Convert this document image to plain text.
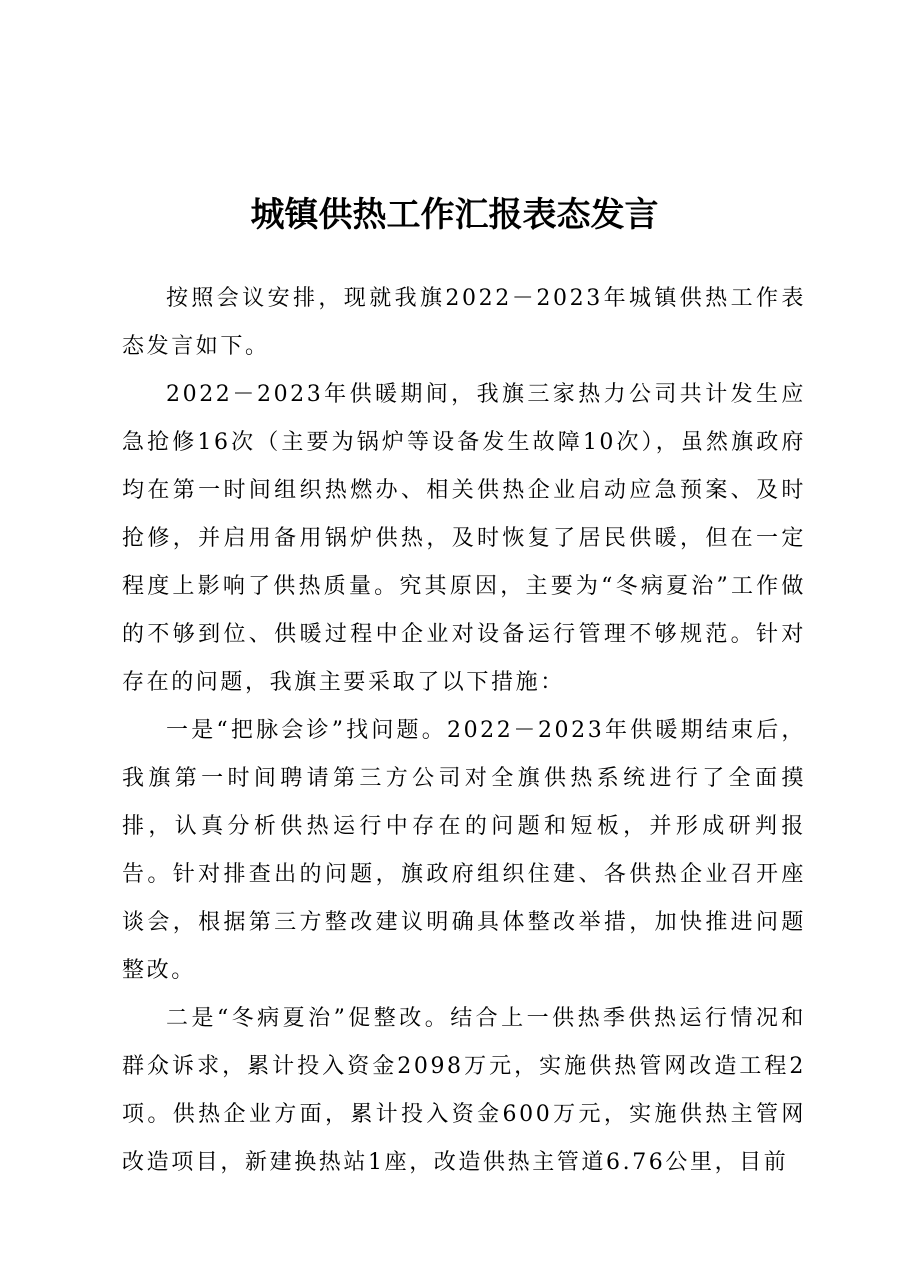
城镇供热工作汇报表态发言

按照会议安排，现就我旗2022－2023年城镇供热工作表态发言如下。

2022－2023年供暖期间，我旗三家热力公司共计发生应急抢修16次（主要为锅炉等设备发生故障10次），虽然旗政府均在第一时间组织热燃办、相关供热企业启动应急预案、及时抢修，并启用备用锅炉供热，及时恢复了居民供暖，但在一定程度上影响了供热质量。究其原因，主要为“冬病夏治”工作做的不够到位、供暖过程中企业对设备运行管理不够规范。针对存在的问题，我旗主要采取了以下措施：

一是“把脉会诊”找问题。2022－2023年供暖期结束后，我旗第一时间聘请第三方公司对全旗供热系统进行了全面摸排，认真分析供热运行中存在的问题和短板，并形成研判报告。针对排查出的问题，旗政府组织住建、各供热企业召开座谈会，根据第三方整改建议明确具体整改举措，加快推进问题整改。

二是“冬病夏治”促整改。结合上一供热季供热运行情况和群众诉求，累计投入资金2098万元，实施供热管网改造工程2项。供热企业方面，累计投入资金600万元，实施供热主管网改造项目，新建换热站1座，改造供热主管道6.76公里，目前
